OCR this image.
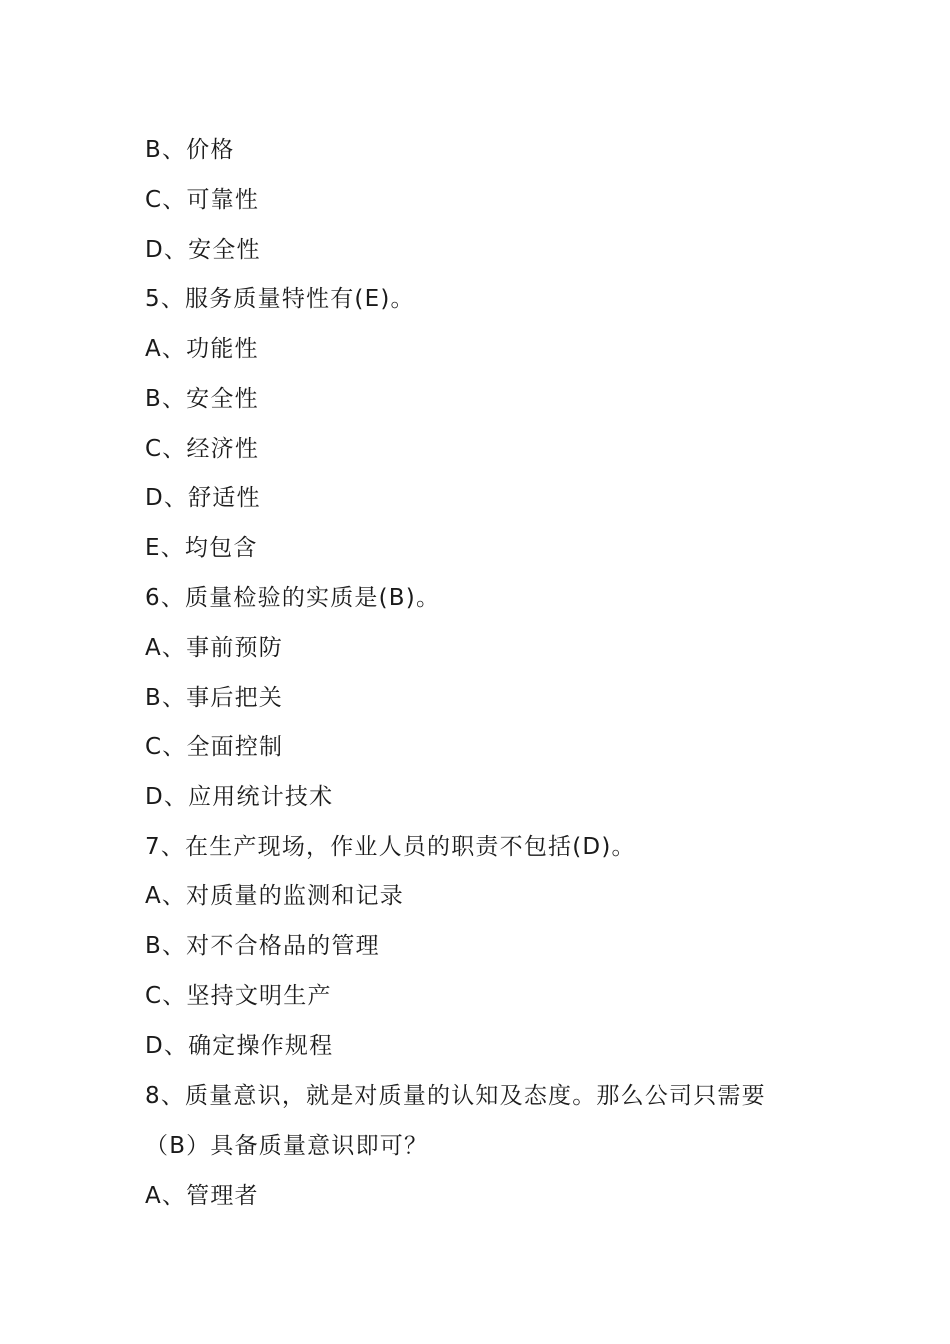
B、价格
C、可靠性
D、安全性
5、服务质量特性有(E)。
A、功能性
B、安全性
C、经济性
D、舒适性
E、均包含
6、质量检验的实质是(B)。
A、事前预防
B、事后把关
C、全面控制
D、应用统计技术
7、在生产现场，作业人员的职责不包括(D)。
A、对质量的监测和记录
B、对不合格品的管理
C、坚持文明生产
D、确定操作规程
8、质量意识，就是对质量的认知及态度。那么公司只需要
（B）具备质量意识即可？
A、管理者
